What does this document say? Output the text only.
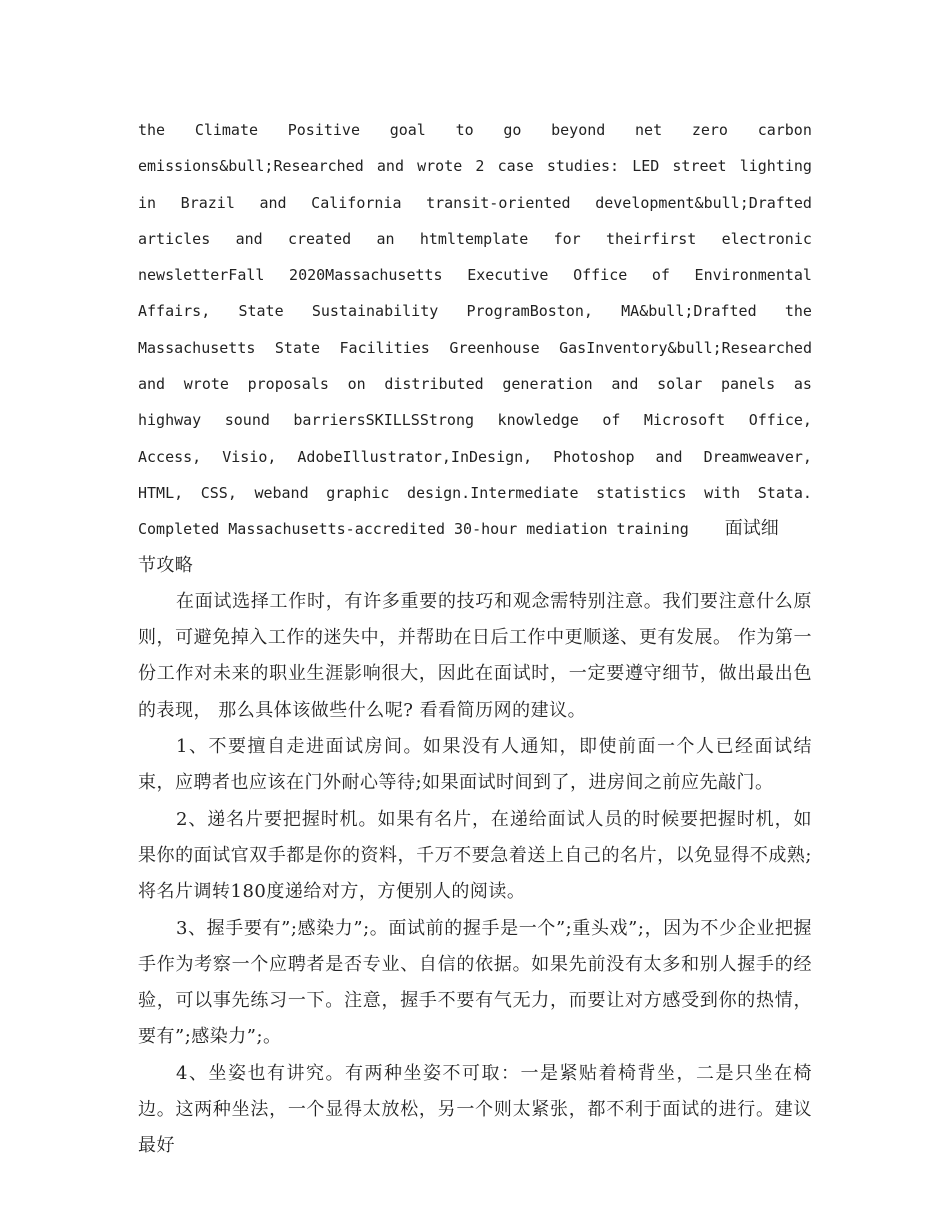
the Climate Positive goal to go beyond net zero carbon
emissions&bull;Researched and wrote 2 case studies: LED street lighting
in Brazil and California transit-oriented development&bull;Drafted
articles and created an htmltemplate for theirfirst electronic
newsletterFall 2020Massachusetts Executive Office of Environmental
Affairs, State Sustainability ProgramBoston, MA&bull;Drafted the
Massachusetts State Facilities Greenhouse GasInventory&bull;Researched
and wrote proposals on distributed generation and solar panels as
highway sound barriersSKILLSStrong knowledge of Microsoft Office,
Access, Visio, AdobeIllustrator,InDesign, Photoshop and Dreamweaver,
HTML, CSS, weband graphic design.Intermediate statistics with Stata.
Completed Massachusetts-accredited 30-hour mediation training 面试细
节攻略

在面试选择工作时，有许多重要的技巧和观念需特别注意。我们要注意什么原则，可避免掉入工作的迷失中，并帮助在日后工作中更顺遂、更有发展。 作为第一份工作对未来的职业生涯影响很大，因此在面试时，一定要遵守细节，做出最出色的表现， 那么具体该做些什么呢? 看看简历网的建议。

1、不要擅自走进面试房间。如果没有人通知，即使前面一个人已经面试结束，应聘者也应该在门外耐心等待;如果面试时间到了，进房间之前应先敲门。

2、递名片要把握时机。如果有名片，在递给面试人员的时候要把握时机，如果你的面试官双手都是你的资料，千万不要急着送上自己的名片，以免显得不成熟;将名片调转180度递给对方，方便别人的阅读。

3、握手要有”;感染力”;。面试前的握手是一个”;重头戏”;，因为不少企业把握手作为考察一个应聘者是否专业、自信的依据。如果先前没有太多和别人握手的经验，可以事先练习一下。注意，握手不要有气无力，而要让对方感受到你的热情，要有”;感染力”;。

4、坐姿也有讲究。有两种坐姿不可取：一是紧贴着椅背坐，二是只坐在椅边。这两种坐法，一个显得太放松，另一个则太紧张，都不利于面试的进行。建议最好
